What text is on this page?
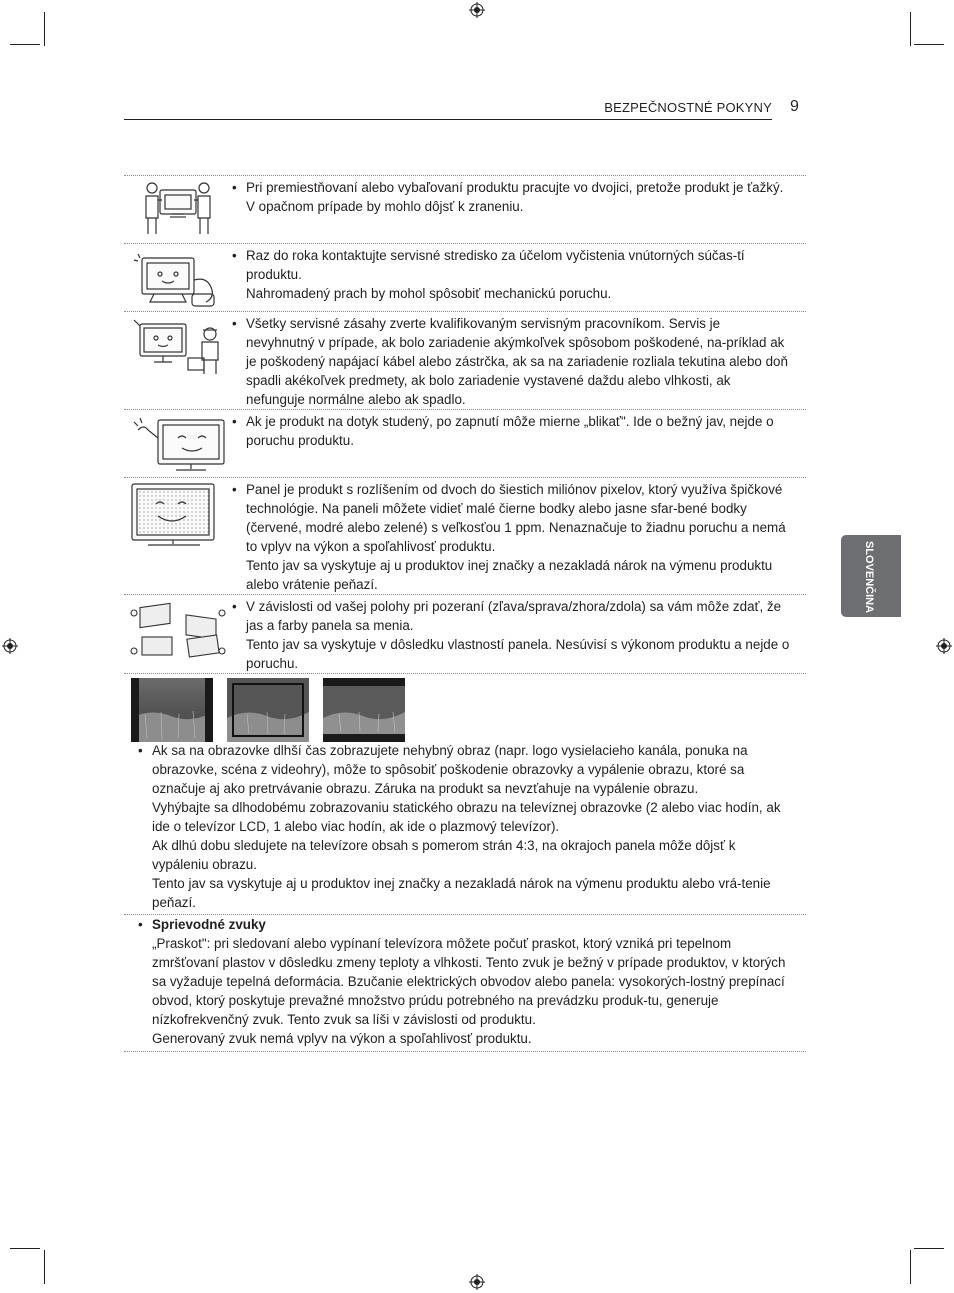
BEZPEČNOSTNÉ POKYNY 9
SLOVENČINA

• Pri premiestňovaní alebo vybaľovaní produktu pracujte vo dvojici, pretože produkt je ťažký.

V opačnom prípade by mohlo dôjsť k zraneniu.

• Raz do roka kontaktujte servisné stredisko za účelom vyčistenia vnútorných súčas-tí produktu.

Nahromadený prach by mohol spôsobiť mechanickú poruchu.

• Všetky servisné zásahy zverte kvalifikovaným servisným pracovníkom. Servis je nevyhnutný v prípade, ak bolo zariadenie akýmkoľvek spôsobom poškodené, na-príklad ak je poškodený napájací kábel alebo zástrčka, ak sa na zariadenie rozliala tekutina alebo doň spadli akékoľvek predmety, ak bolo zariadenie vystavené daždu alebo vlhkosti, ak nefunguje normálne alebo ak spadlo.

• Ak je produkt na dotyk studený, po zapnutí môže mierne „blikať". Ide o bežný jav, nejde o poruchu produktu.

• Panel je produkt s rozlíšením od dvoch do šiestich miliónov pixelov, ktorý využíva špičkové technológie. Na paneli môžete vidieť malé čierne bodky alebo jasne sfar-bené bodky (červené, modré alebo zelené) s veľkosťou 1 ppm. Nenaznačuje to žiadnu poruchu a nemá to vplyv na výkon a spoľahlivosť produktu.

Tento jav sa vyskytuje aj u produktov inej značky a nezakladá nárok na výmenu produktu alebo vrátenie peňazí.

• V závislosti od vašej polohy pri pozeraní (zľava/sprava/zhora/zdola) sa vám môže zdať, že jas a farby panela sa menia.

Tento jav sa vyskytuje v dôsledku vlastností panela. Nesúvisí s výkonom produktu a nejde o poruchu.

• Ak sa na obrazovke dlhší čas zobrazujete nehybný obraz (napr. logo vysielacieho kanála, ponuka na obrazovke, scéna z videohry), môže to spôsobiť poškodenie obrazovky a vypálenie obrazu, ktoré sa označuje aj ako pretrvávanie obrazu. Záruka na produkt sa nevzťahuje na vypálenie obrazu.

Vyhýbajte sa dlhodobému zobrazovaniu statického obrazu na televíznej obrazovke (2 alebo viac hodín, ak ide o televízor LCD, 1 alebo viac hodín, ak ide o plazmový televízor).

Ak dlhú dobu sledujete na televízore obsah s pomerom strán 4:3, na okrajoch panela môže dôjsť k vypáleniu obrazu.

Tento jav sa vyskytuje aj u produktov inej značky a nezakladá nárok na výmenu produktu alebo vrá-tenie peňazí.

• Sprievodné zvuky

„Praskot": pri sledovaní alebo vypínaní televízora môžete počuť praskot, ktorý vzniká pri tepelnom zmršťovaní plastov v dôsledku zmeny teploty a vlhkosti. Tento zvuk je bežný v prípade produktov, v ktorých sa vyžaduje tepelná deformácia. Bzučanie elektrických obvodov alebo panela: vysokorých-lostný prepínací obvod, ktorý poskytuje prevažné množstvo prúdu potrebného na prevádzku produk-tu, generuje nízkofrekvenčný zvuk. Tento zvuk sa líši v závislosti od produktu.

Generovaný zvuk nemá vplyv na výkon a spoľahlivosť produktu.
